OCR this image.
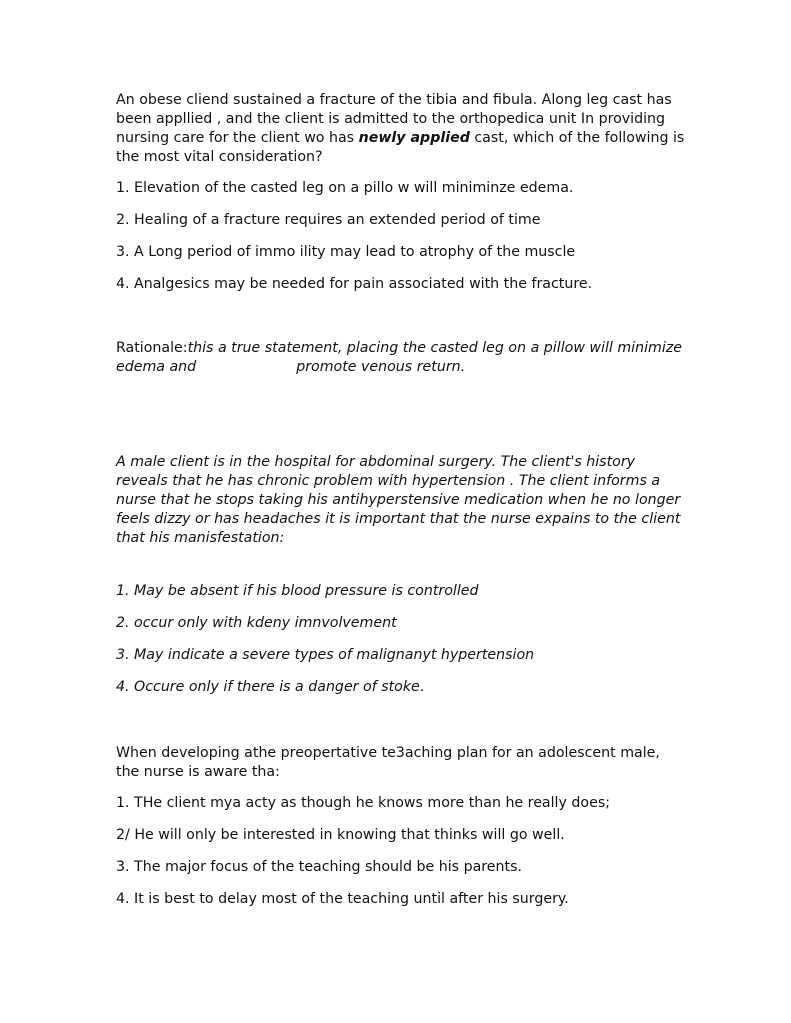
An obese cliend sustained a fracture of the tibia and fibula. Along leg cast has been appllied , and the client is admitted to the orthopedica unit In providing nursing care for the client wo has newly applied cast, which of the following is the most vital consideration?

1. Elevation of the casted leg on a pillo w will miniminze edema.

2. Healing of a fracture requires an extended period of time

3. A Long period of immo ility may lead to atrophy of the muscle

4. Analgesics may be needed for pain associated with the fracture.

Rationale:this a true statement, placing the casted leg on a pillow will minimize edema and	promote venous return.

A male client is in the hospital for abdominal surgery. The client's history reveals that he has chronic problem with hypertension . The client informs a nurse that he stops taking his antihyperstensive medication when he no longer feels dizzy or has headaches it is important that the nurse expains to the client that his manisfestation:

1. May be absent if his blood pressure is controlled

2. occur only with kdeny imnvolvement

3. May indicate a severe types of malignanyt hypertension

4. Occure only if there is a danger of stoke.

When developing athe preopertative te3aching plan for an adolescent male, the nurse is aware tha:

1. THe client mya acty as though he knows more than he really does;

2/ He will only be interested in knowing that thinks will go well.

3. The major focus of the teaching should be his parents.

4. It is best to delay most of the teaching until after his surgery.
